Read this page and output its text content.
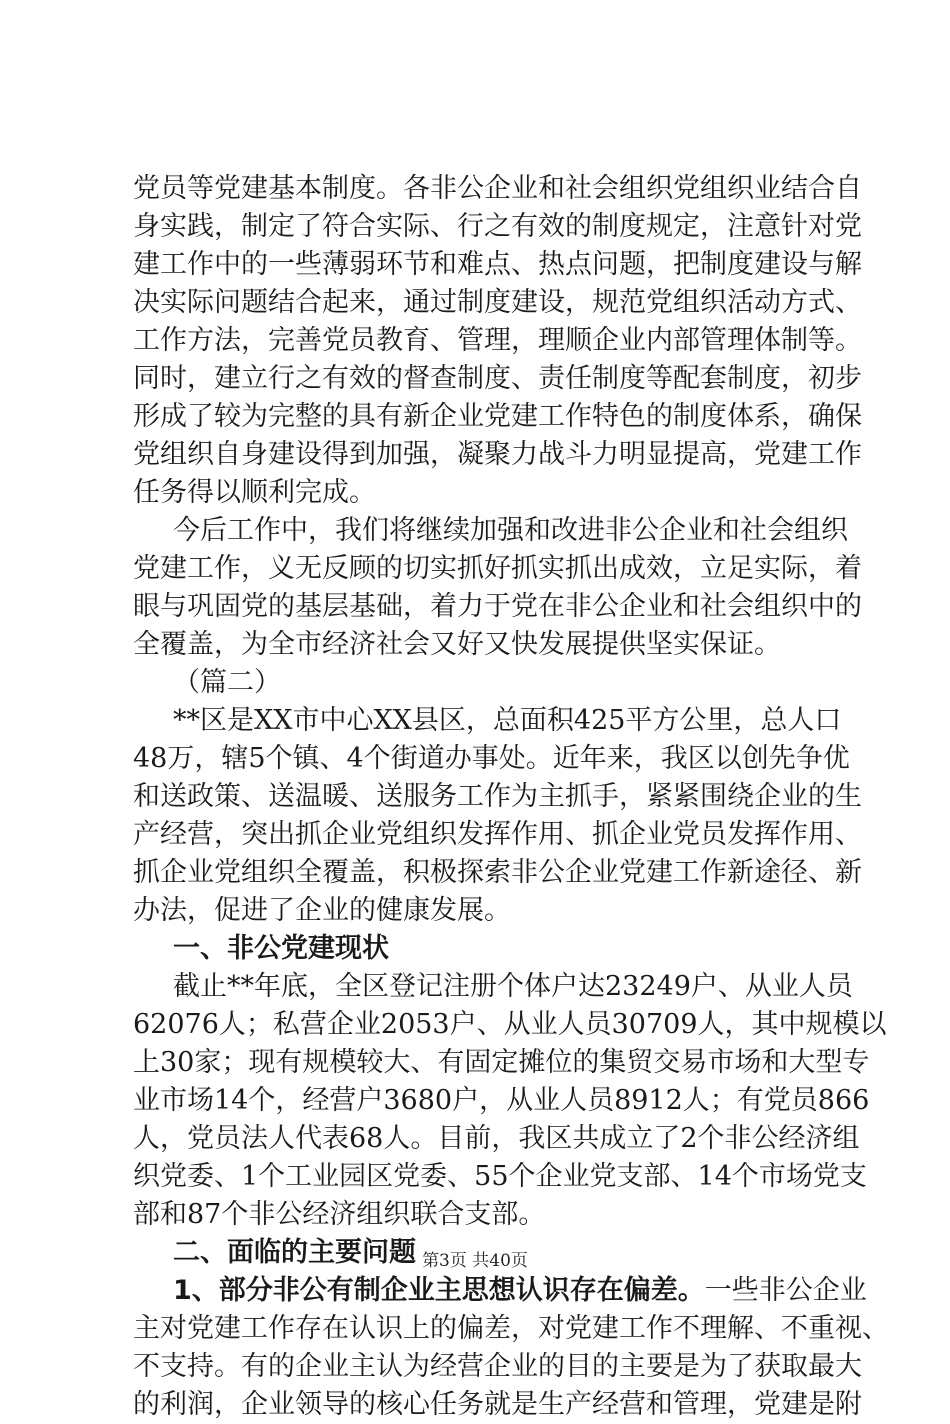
党员等党建基本制度。各非公企业和社会组织党组织业结合自
身实践，制定了符合实际、行之有效的制度规定，注意针对党
建工作中的一些薄弱环节和难点、热点问题，把制度建设与解
决实际问题结合起来，通过制度建设，规范党组织活动方式、
工作方法，完善党员教育、管理，理顺企业内部管理体制等。
同时，建立行之有效的督查制度、责任制度等配套制度，初步
形成了较为完整的具有新企业党建工作特色的制度体系，确保
党组织自身建设得到加强，凝聚力战斗力明显提高，党建工作
任务得以顺利完成。
今后工作中，我们将继续加强和改进非公企业和社会组织
党建工作，义无反顾的切实抓好抓实抓出成效，立足实际，着
眼与巩固党的基层基础，着力于党在非公企业和社会组织中的
全覆盖，为全市经济社会又好又快发展提供坚实保证。
（篇二）
**区是XX市中心XX县区，总面积425平方公里，总人口
48万，辖5个镇、4个街道办事处。近年来，我区以创先争优
和送政策、送温暖、送服务工作为主抓手，紧紧围绕企业的生
产经营，突出抓企业党组织发挥作用、抓企业党员发挥作用、
抓企业党组织全覆盖，积极探索非公企业党建工作新途径、新
办法，促进了企业的健康发展。
一、非公党建现状
截止**年底，全区登记注册个体户达23249户、从业人员
62076人；私营企业2053户、从业人员30709人，其中规模以
上30家；现有规模较大、有固定摊位的集贸交易市场和大型专
业市场14个，经营户3680户，从业人员8912人；有党员866
人，党员法人代表68人。目前，我区共成立了2个非公经济组
织党委、1个工业园区党委、55个企业党支部、14个市场党支
部和87个非公经济组织联合支部。
二、面临的主要问题
1、部分非公有制企业主思想认识存在偏差。一些非公企业
主对党建工作存在认识上的偏差，对党建工作不理解、不重视、
不支持。有的企业主认为经营企业的目的主要是为了获取最大
的利润，企业领导的核心任务就是生产经营和管理，党建是附
第3页 共40页
